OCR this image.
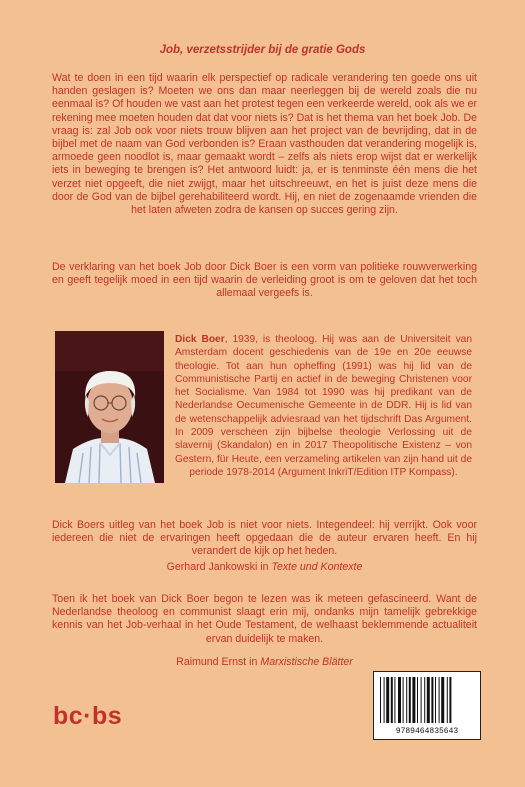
Job, verzetsstrijder bij de gratie Gods

Wat te doen in een tijd waarin elk perspectief op radicale verandering ten goede ons uit handen geslagen is? Moeten we ons dan maar neerleggen bij de wereld zoals die nu eenmaal is? Of houden we vast aan het protest tegen een verkeerde wereld, ook als we er rekening mee moeten houden dat dat voor niets is? Dat is het thema van het boek Job. De vraag is: zal Job ook voor niets trouw blijven aan het project van de bevrijding, dat in de bijbel met de naam van God verbonden is? Eraan vasthouden dat verandering mogelijk is, armoede geen noodlot is, maar gemaakt wordt – zelfs als niets erop wijst dat er werkelijk iets in beweging te brengen is? Het antwoord luidt: ja, er is tenminste één mens die het verzet niet opgeeft, die niet zwijgt, maar het uitschreeuwt, en het is juist deze mens die door de God van de bijbel gerehabiliteerd wordt. Hij, en niet de zogenaamde vrienden die het laten afweten zodra de kansen op succes gering zijn.

De verklaring van het boek Job door Dick Boer is een vorm van politieke rouwverwerking en geeft tegelijk moed in een tijd waarin de verleiding groot is om te geloven dat het toch allemaal vergeefs is.

Dick Boer, 1939, is theoloog. Hij was aan de Universiteit van Amsterdam docent geschiedenis van de 19e en 20e eeuwse theologie. Tot aan hun opheffing (1991) was hij lid van de Communistische Partij en actief in de beweging Christenen voor het Socialisme. Van 1984 tot 1990 was hij predikant van de Nederlandse Oecumenische Gemeente in de DDR. Hij is lid van de wetenschappelijk adviesraad van het tijdschrift Das Argument. In 2009 verscheen zijn bijbelse theologie Verlossing uit de slavernij (Skandalon) en in 2017 Theopolitische Existenz – von Gestern, für Heute, een verzameling artikelen van zijn hand uit de periode 1978-2014 (Argument InkriT/Edition ITP Kompass).

Dick Boers uitleg van het boek Job is niet voor niets. Integendeel: hij verrijkt. Ook voor iedereen die niet de ervaringen heeft opgedaan die de auteur ervaren heeft. En hij verandert de kijk op het heden.

Gerhard Jankowski in Texte und Kontexte

Toen ik het boek van Dick Boer begon te lezen was ik meteen gefascineerd. Want de Nederlandse theoloog en communist slaagt erin mij, ondanks mijn tamelijk gebrekkige kennis van het Job-verhaal in het Oude Testament, de welhaast beklemmende actualiteit ervan duidelijk te maken.

Raimund Ernst in Marxistische Blätter

bc·bs
9789464835643
